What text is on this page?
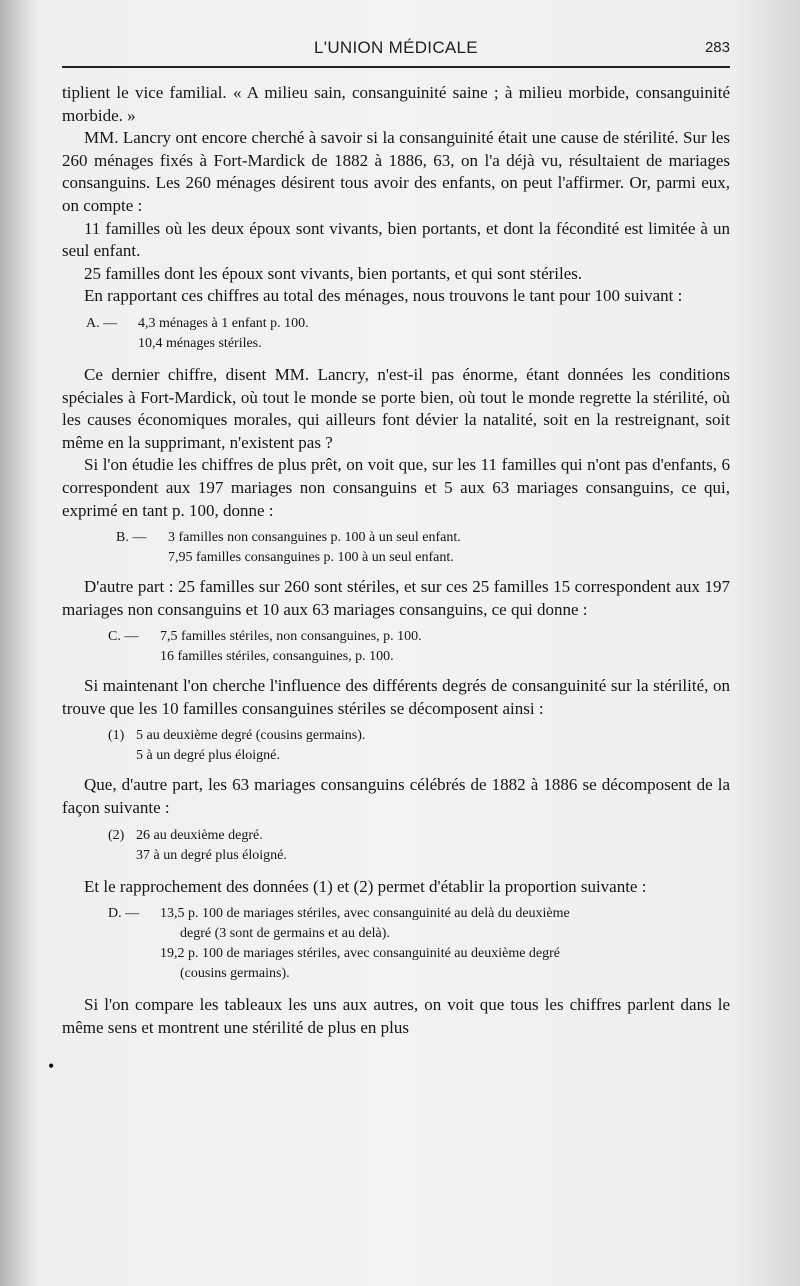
L'UNION MÉDICALE	283

tiplient le vice familial. « A milieu sain, consanguinité saine ; à milieu morbide, consanguinité morbide. »

MM. Lancry ont encore cherché à savoir si la consanguinité était une cause de stérilité. Sur les 260 ménages fixés à Fort-Mardick de 1882 à 1886, 63, on l'a déjà vu, résultaient de mariages consanguins. Les 260 ménages désirent tous avoir des enfants, on peut l'affirmer. Or, parmi eux, on compte :

11 familles où les deux époux sont vivants, bien portants, et dont la fécondité est limitée à un seul enfant.

25 familles dont les époux sont vivants, bien portants, et qui sont stériles.

En rapportant ces chiffres au total des ménages, nous trouvons le tant pour 100 suivant :

A. — 4,3 ménages à 1 enfant p. 100.
10,4 ménages stériles.

Ce dernier chiffre, disent MM. Lancry, n'est-il pas énorme, étant données les conditions spéciales à Fort-Mardick, où tout le monde se porte bien, où tout le monde regrette la stérilité, où les causes économiques morales, qui ailleurs font dévier la natalité, soit en la restreignant, soit même en la supprimant, n'existent pas ?

Si l'on étudie les chiffres de plus prêt, on voit que, sur les 11 familles qui n'ont pas d'enfants, 6 correspondent aux 197 mariages non consanguins et 5 aux 63 mariages consanguins, ce qui, exprimé en tant p. 100, donne :

B. — 3 familles non consanguines p. 100 à un seul enfant.
7,95 familles consanguines p. 100 à un seul enfant.

D'autre part : 25 familles sur 260 sont stériles, et sur ces 25 familles 15 correspondent aux 197 mariages non consanguins et 10 aux 63 mariages consanguins, ce qui donne :

C. — 7,5 familles stériles, non consanguines, p. 100.
16 familles stériles, consanguines, p. 100.

Si maintenant l'on cherche l'influence des différents degrés de consanguinité sur la stérilité, on trouve que les 10 familles consanguines stériles se décomposent ainsi :

(1) 5 au deuxième degré (cousins germains).
5 à un degré plus éloigné.

Que, d'autre part, les 63 mariages consanguins célébrés de 1882 à 1886 se décomposent de la façon suivante :

(2) 26 au deuxième degré.
37 à un degré plus éloigné.

Et le rapprochement des données (1) et (2) permet d'établir la proportion suivante :

D. — 13,5 p. 100 de mariages stériles, avec consanguinité au delà du deuxième
degré (3 sont de germains et au delà).
19,2 p. 100 de mariages stériles, avec consanguinité au deuxième degré
(cousins germains).

Si l'on compare les tableaux les uns aux autres, on voit que tous les chiffres parlent dans le même sens et montrent une stérilité de plus en plus

•
